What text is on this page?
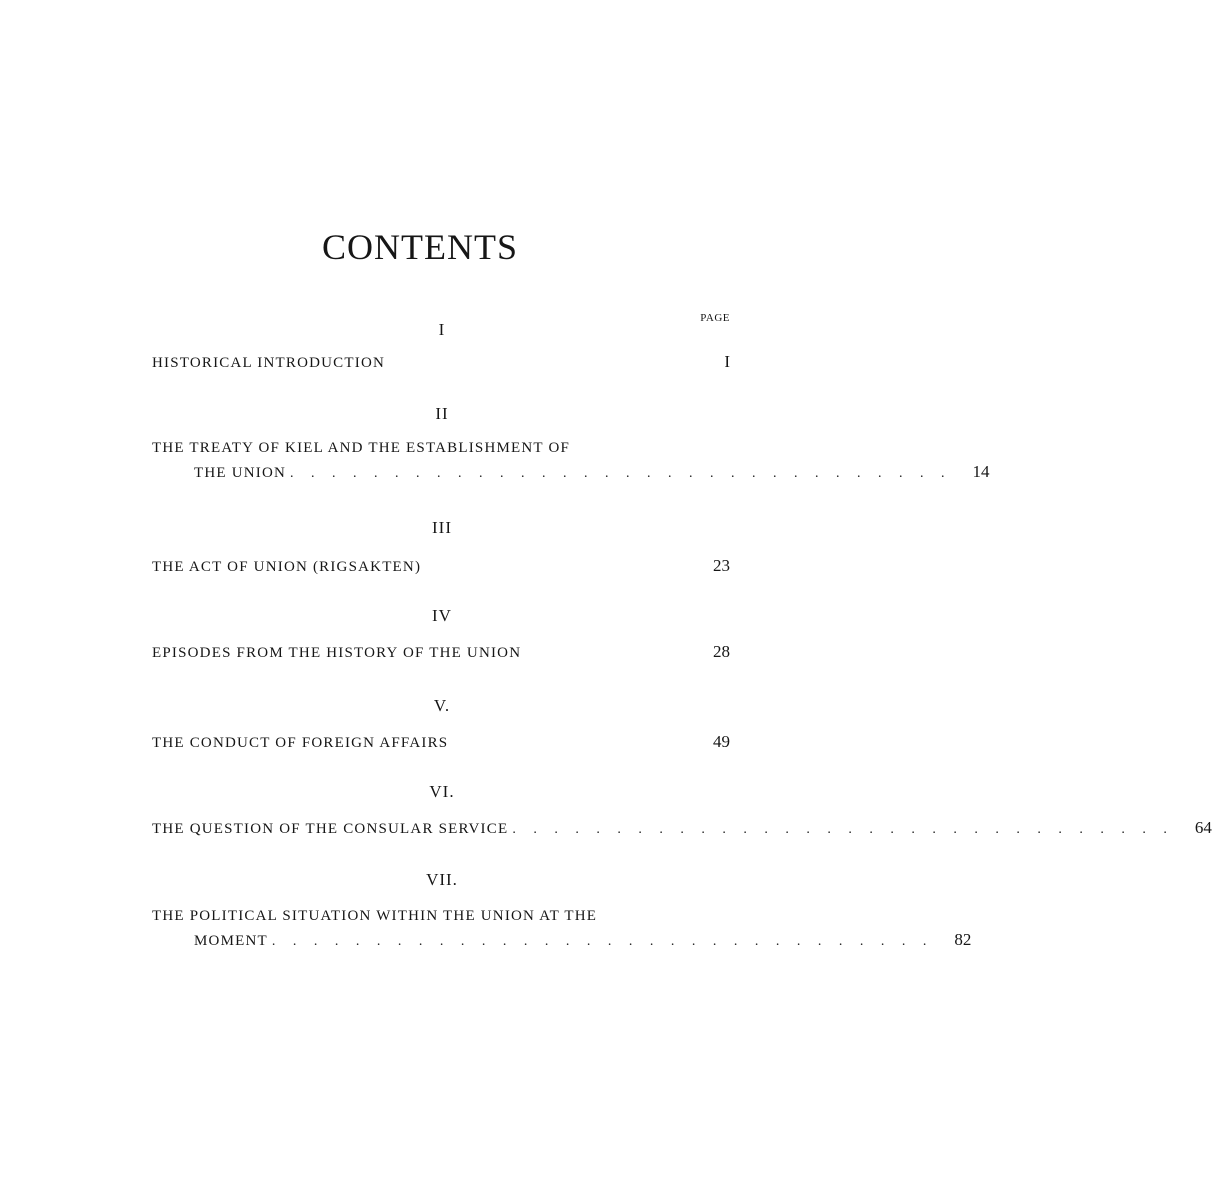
CONTENTS
PAGE
I
HISTORICAL INTRODUCTION	I
II
THE TREATY OF KIEL AND THE ESTABLISHMENT OF
THE UNION . . . . . . . . . . . . . . . . . . . . . . . . . . . . . . . .	14
III
THE ACT OF UNION (RIGSAKTEN)	23
IV
EPISODES FROM THE HISTORY OF THE UNION	28
V.
THE CONDUCT OF FOREIGN AFFAIRS	49
VI.
THE QUESTION OF THE CONSULAR SERVICE . . . . . . . . . . . . . . . . . . . . . . . . . . . . . . . .	64
VII.
THE POLITICAL SITUATION WITHIN THE UNION AT THE
MOMENT . . . . . . . . . . . . . . . . . . . . . . . . . . . . . . . .	82
